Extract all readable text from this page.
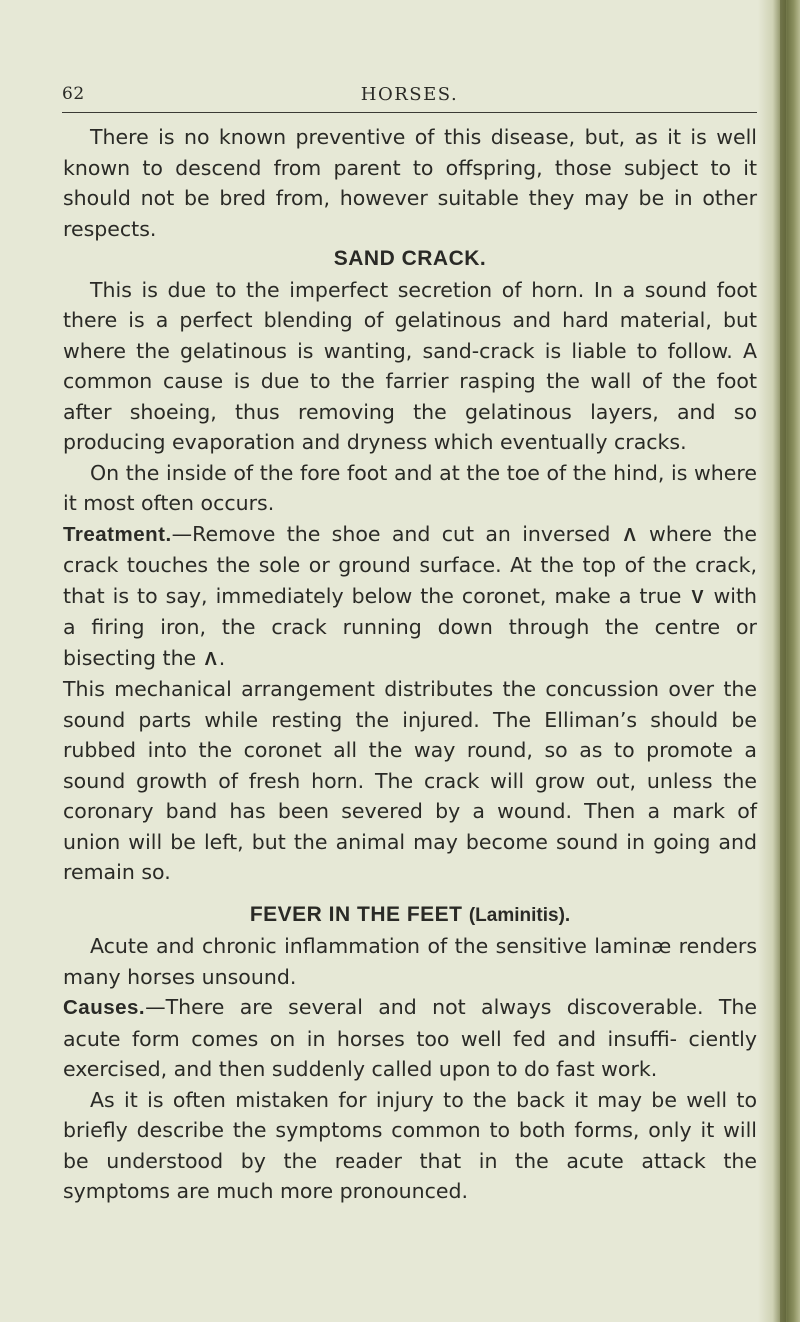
62	HORSES.

There is no known preventive of this disease, but, as it is well known to descend from parent to offspring, those subject to it should not be bred from, however suitable they may be in other respects.

SAND CRACK.

This is due to the imperfect secretion of horn. In a sound foot there is a perfect blending of gelatinous and hard material, but where the gelatinous is wanting, sand-crack is liable to follow. A common cause is due to the farrier rasping the wall of the foot after shoeing, thus removing the gelatinous layers, and so producing evaporation and dryness which eventually cracks.

On the inside of the fore foot and at the toe of the hind, is where it most often occurs.

Treatment.—Remove the shoe and cut an inversed Λ where the crack touches the sole or ground surface. At the top of the crack, that is to say, immediately below the coronet, make a true V with a firing iron, the crack running down through the centre or bisecting the Λ.

This mechanical arrangement distributes the concussion over the sound parts while resting the injured. The Elliman’s should be rubbed into the coronet all the way round, so as to promote a sound growth of fresh horn. The crack will grow out, unless the coronary band has been severed by a wound. Then a mark of union will be left, but the animal may become sound in going and remain so.

FEVER IN THE FEET (Laminitis).

Acute and chronic inflammation of the sensitive laminæ renders many horses unsound.

Causes.—There are several and not always discoverable. The acute form comes on in horses too well fed and insuffi- ciently exercised, and then suddenly called upon to do fast work.

As it is often mistaken for injury to the back it may be well to briefly describe the symptoms common to both forms, only it will be understood by the reader that in the acute attack the symptoms are much more pronounced.
